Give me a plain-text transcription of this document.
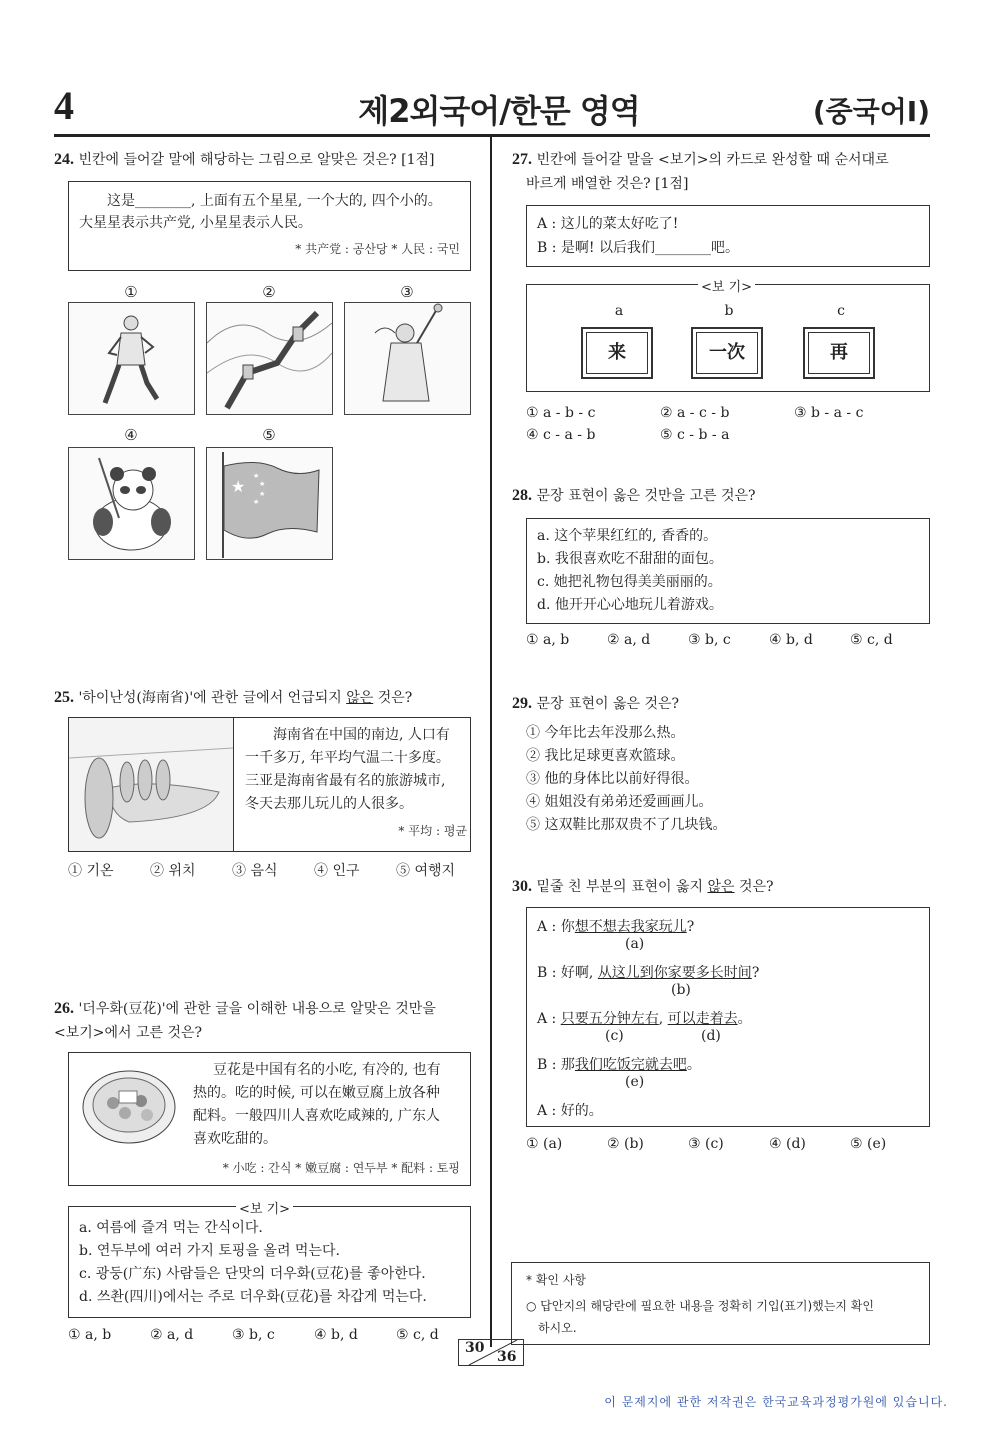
4	제2외국어/한문 영역	(중국어Ⅰ)
24. 빈칸에 들어갈 말에 해당하는 그림으로 알맞은 것은? [1점]
这是________, 上面有五个星星, 一个大的, 四个小的。
大星星表示共产党, 小星星表示人民。
* 共产党 : 공산당 * 人民 : 국민
①	②	③
④	⑤
★
★
★
★
★
25. '하이난성(海南省)'에 관한 글에서 언급되지 않은 것은?
海南省在中国的南边, 人口有
一千多万, 年平均气温二十多度。
三亚是海南省最有名的旅游城市,
冬天去那儿玩儿的人很多。
* 平均 : 평균
① 기온	② 위치	③ 음식	④ 인구	⑤ 여행지
26. '더우화(豆花)'에 관한 글을 이해한 내용으로 알맞은 것만을
<보기>에서 고른 것은?
豆花是中国有名的小吃, 有冷的, 也有
热的。吃的时候, 可以在嫩豆腐上放各种
配料。一般四川人喜欢吃咸辣的, 广东人
喜欢吃甜的。
* 小吃 : 간식 * 嫩豆腐 : 연두부 * 配料 : 토핑
a. 여름에 즐겨 먹는 간식이다.
b. 연두부에 여러 가지 토핑을 올려 먹는다.
c. 광둥(广东) 사람들은 단맛의 더우화(豆花)를 좋아한다.
d. 쓰촨(四川)에서는 주로 더우화(豆花)를 차갑게 먹는다.
<보 기>
① a, b	② a, d	③ b, c	④ b, d	⑤ c, d
27. 빈칸에 들어갈 말을 <보기>의 카드로 완성할 때 순서대로
바르게 배열한 것은? [1점]
A : 这儿的菜太好吃了!
B : 是啊! 以后我们________吧。
a	b	c
来	一次	再
<보 기>
① a - b - c	② a - c - b	③ b - a - c
④ c - a - b	⑤ c - b - a
28. 문장 표현이 옳은 것만을 고른 것은?
a. 这个苹果红红的, 香香的。
b. 我很喜欢吃不甜甜的面包。
c. 她把礼物包得美美丽丽的。
d. 他开开心心地玩儿着游戏。
① a, b	② a, d	③ b, c	④ b, d	⑤ c, d
29. 문장 표현이 옳은 것은?
① 今年比去年没那么热。
② 我比足球更喜欢篮球。
③ 他的身体比以前好得很。
④ 姐姐没有弟弟还爱画画儿。
⑤ 这双鞋比那双贵不了几块钱。
30. 밑줄 친 부분의 표현이 옳지 않은 것은?
A : 你想不想去我家玩儿?
(a)
B : 好啊, 从这儿到你家要多长时间?
(b)
A : 只要五分钟左右, 可以走着去。
(c)	(d)
B : 那我们吃饭完就去吧。
(e)
A : 好的。
① (a)	② (b)	③ (c)	④ (d)	⑤ (e)
* 확인 사항
○ 답안지의 해당란에 필요한 내용을 정확히 기입(표기)했는지 확인
하시오.
30
36
이 문제지에 관한 저작권은 한국교육과정평가원에 있습니다.
